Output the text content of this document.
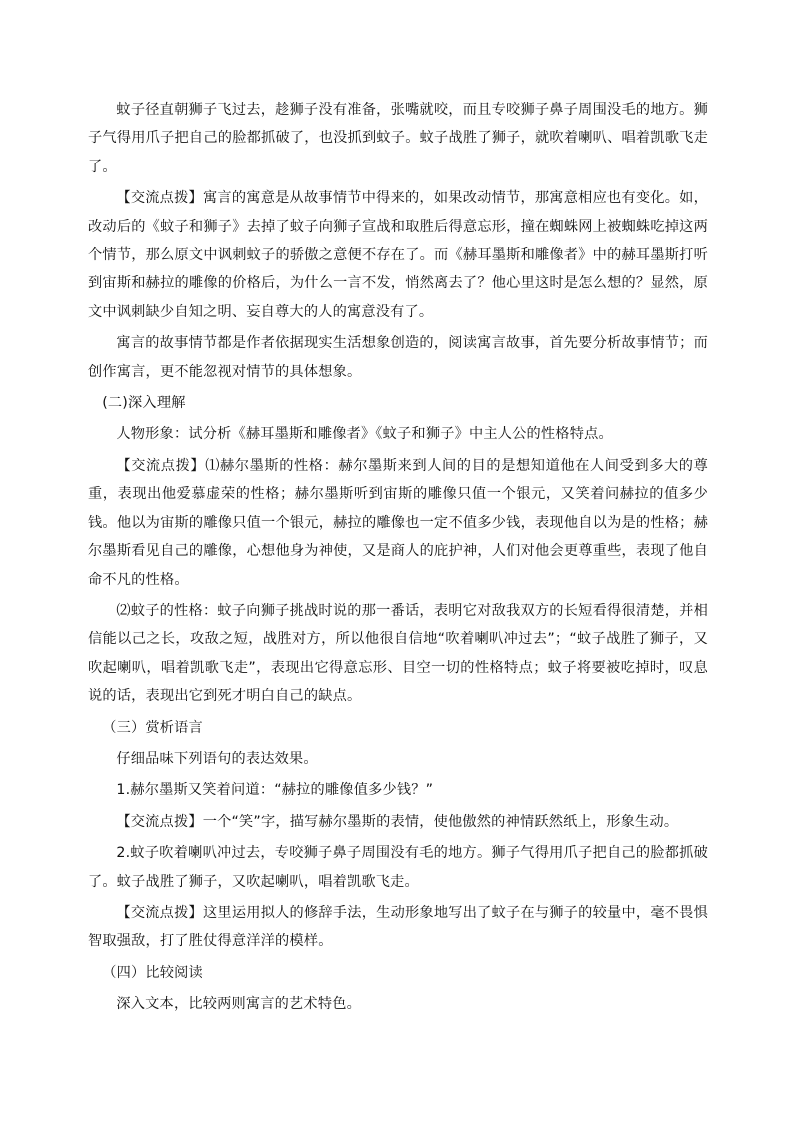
蚊子径直朝狮子飞过去，趁狮子没有准备，张嘴就咬，而且专咬狮子鼻子周围没毛的地方。狮子气得用爪子把自己的脸都抓破了，也没抓到蚊子。蚊子战胜了狮子，就吹着喇叭、唱着凯歌飞走了。

【交流点拨】寓言的寓意是从故事情节中得来的，如果改动情节，那寓意相应也有变化。如，改动后的《蚊子和狮子》去掉了蚊子向狮子宣战和取胜后得意忘形，撞在蜘蛛网上被蜘蛛吃掉这两个情节，那么原文中讽刺蚊子的骄傲之意便不存在了。而《赫耳墨斯和雕像者》中的赫耳墨斯打听到宙斯和赫拉的雕像的价格后，为什么一言不发，悄然离去了？他心里这时是怎么想的？显然，原文中讽刺缺少自知之明、妄自尊大的人的寓意没有了。

寓言的故事情节都是作者依据现实生活想象创造的，阅读寓言故事，首先要分析故事情节；而创作寓言，更不能忽视对情节的具体想象。

(二)深入理解

人物形象：试分析《赫耳墨斯和雕像者》《蚊子和狮子》中主人公的性格特点。

【交流点拨】⑴赫尔墨斯的性格：赫尔墨斯来到人间的目的是想知道他在人间受到多大的尊重，表现出他爱慕虚荣的性格；赫尔墨斯听到宙斯的雕像只值一个银元，又笑着问赫拉的值多少钱。他以为宙斯的雕像只值一个银元，赫拉的雕像也一定不值多少钱，表现他自以为是的性格；赫尔墨斯看见自己的雕像，心想他身为神使，又是商人的庇护神，人们对他会更尊重些，表现了他自命不凡的性格。

⑵蚊子的性格：蚊子向狮子挑战时说的那一番话，表明它对敌我双方的长短看得很清楚，并相信能以己之长，攻敌之短，战胜对方，所以他很自信地“吹着喇叭冲过去”；“蚊子战胜了狮子，又吹起喇叭，唱着凯歌飞走”，表现出它得意忘形、目空一切的性格特点；蚊子将要被吃掉时，叹息说的话，表现出它到死才明白自己的缺点。

（三）赏析语言

仔细品味下列语句的表达效果。

1.赫尔墨斯又笑着问道：“赫拉的雕像值多少钱？”

【交流点拨】一个“笑”字，描写赫尔墨斯的表情，使他傲然的神情跃然纸上，形象生动。

2.蚊子吹着喇叭冲过去，专咬狮子鼻子周围没有毛的地方。狮子气得用爪子把自己的脸都抓破了。蚊子战胜了狮子，又吹起喇叭，唱着凯歌飞走。

【交流点拨】这里运用拟人的修辞手法，生动形象地写出了蚊子在与狮子的较量中，毫不畏惧智取强敌，打了胜仗得意洋洋的模样。

（四）比较阅读

深入文本，比较两则寓言的艺术特色。
